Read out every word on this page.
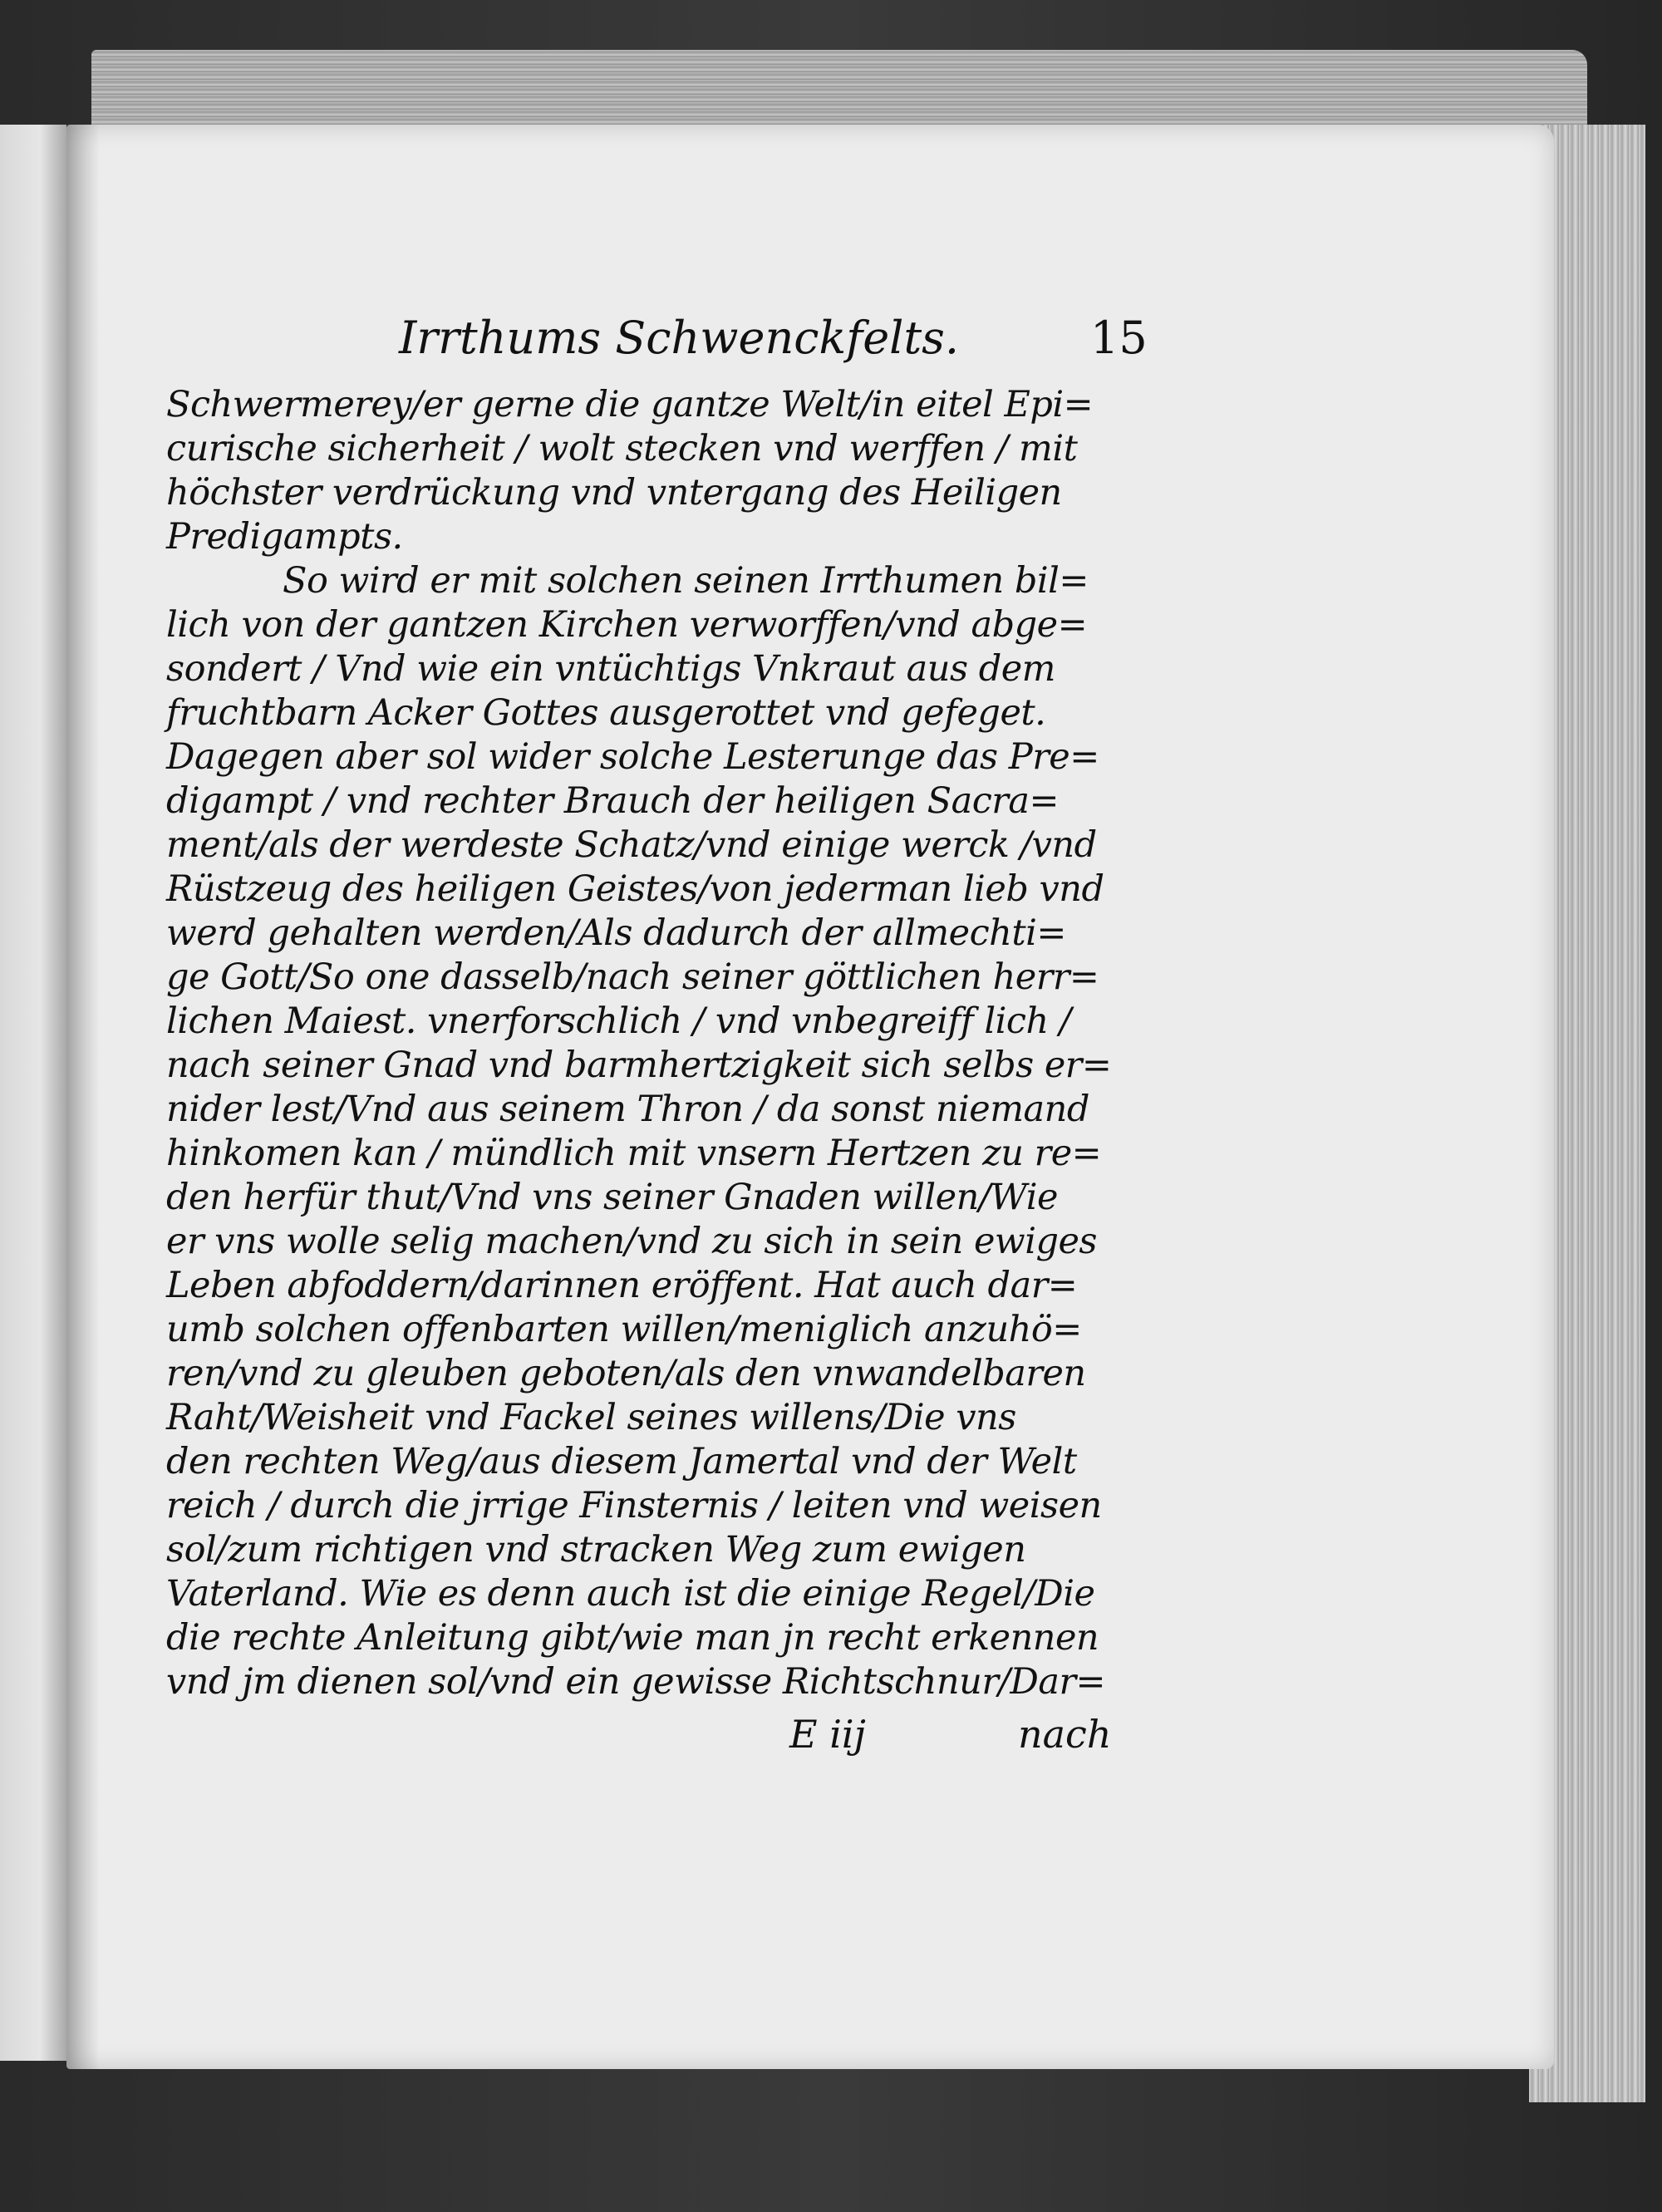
Irrthums Schwenckfelts.	15
Schwermerey/er gerne die gantze Welt/in eitel Epi=
curische sicherheit / wolt stecken vnd werffen / mit
höchster verdrückung vnd vntergang des Heiligen
Predigampts.
So wird er mit solchen seinen Irrthumen bil=
lich von der gantzen Kirchen verworffen/vnd abge=
sondert / Vnd wie ein vntüchtigs Vnkraut aus dem
fruchtbarn Acker Gottes ausgerottet vnd gefeget.
Dagegen aber sol wider solche Lesterunge das Pre=
digampt / vnd rechter Brauch der heiligen Sacra=
ment/als der werdeste Schatz/vnd einige werck /vnd
Rüstzeug des heiligen Geistes/von jederman lieb vnd
werd gehalten werden/Als dadurch der allmechti=
ge Gott/So one dasselb/nach seiner göttlichen herr=
lichen Maiest. vnerforschlich / vnd vnbegreiff lich /
nach seiner Gnad vnd barmhertzigkeit sich selbs er=
nider lest/Vnd aus seinem Thron / da sonst niemand
hinkomen kan / mündlich mit vnsern Hertzen zu re=
den herfür thut/Vnd vns seiner Gnaden willen/Wie
er vns wolle selig machen/vnd zu sich in sein ewiges
Leben abfoddern/darinnen eröffent. Hat auch dar=
umb solchen offenbarten willen/meniglich anzuhö=
ren/vnd zu gleuben geboten/als den vnwandelbaren
Raht/Weisheit vnd Fackel seines willens/Die vns
den rechten Weg/aus diesem Jamertal vnd der Welt
reich / durch die jrrige Finsternis / leiten vnd weisen
sol/zum richtigen vnd stracken Weg zum ewigen
Vaterland. Wie es denn auch ist die einige Regel/Die
die rechte Anleitung gibt/wie man jn recht erkennen
vnd jm dienen sol/vnd ein gewisse Richtschnur/Dar=
E iij	nach
